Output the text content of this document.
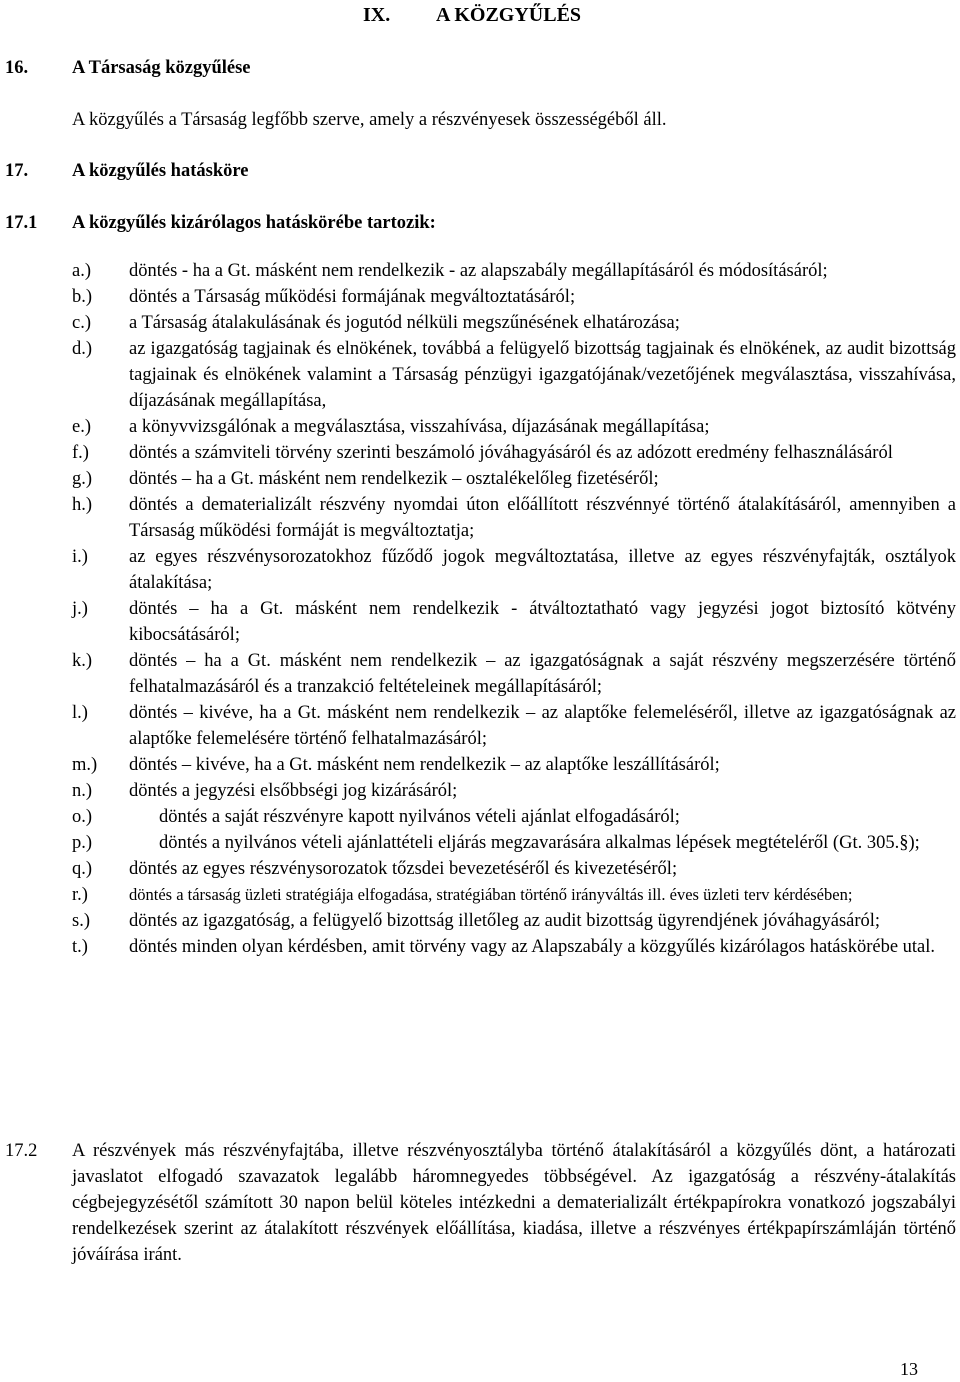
IX. A KÖZGYŰLÉS
16. A Társaság közgyűlése
A közgyűlés a Társaság legfőbb szerve, amely a részvényesek összességéből áll.
17. A közgyűlés hatásköre
17.1 A közgyűlés kizárólagos hatáskörébe tartozik:
a.) döntés - ha a Gt. másként nem rendelkezik - az alapszabály megállapításáról és módosításáról;
b.) döntés a Társaság működési formájának megváltoztatásáról;
c.) a Társaság átalakulásának és jogutód nélküli megszűnésének elhatározása;
d.) az igazgatóság tagjainak és elnökének, továbbá a felügyelő bizottság tagjainak és elnökének, az audit bizottság tagjainak és elnökének valamint a Társaság pénzügyi igazgatójának/vezetőjének megválasztása, visszahívása, díjazásának megállapítása,
e.) a könyvvizsgálónak a megválasztása, visszahívása, díjazásának megállapítása;
f.) döntés a számviteli törvény szerinti beszámoló jóváhagyásáról és az adózott eredmény felhasználásáról
g.) döntés – ha a Gt. másként nem rendelkezik – osztalékelőleg fizetéséről;
h.) döntés a dematerializált részvény nyomdai úton előállított részvénnyé történő átalakításáról, amennyiben a Társaság működési formáját is megváltoztatja;
i.) az egyes részvénysorozatokhoz fűződő jogok megváltoztatása, illetve az egyes részvényfajták, osztályok átalakítása;
j.) döntés – ha a Gt. másként nem rendelkezik - átváltoztatható vagy jegyzési jogot biztosító kötvény kibocsátásáról;
k.) döntés – ha a Gt. másként nem rendelkezik – az igazgatóságnak a saját részvény megszerzésére történő felhatalmazásáról és a tranzakció feltételeinek megállapításáról;
l.) döntés – kivéve, ha a Gt. másként nem rendelkezik – az alaptőke felemeléséről, illetve az igazgatóságnak az alaptőke felemelésére történő felhatalmazásáról;
m.) döntés – kivéve, ha a Gt. másként nem rendelkezik – az alaptőke leszállításáról;
n.) döntés a jegyzési elsőbbségi jog kizárásáról;
o.)	döntés a saját részvényre kapott nyilvános vételi ajánlat elfogadásáról;
p.)	döntés a nyilvános vételi ajánlattételi eljárás megzavarására alkalmas lépések megtételéről (Gt. 305.§);
q.) döntés az egyes részvénysorozatok tőzsdei bevezetéséről és kivezetéséről;
r.) döntés a társaság üzleti stratégiája elfogadása, stratégiában történő irányváltás ill. éves üzleti terv kérdésében;
s.) döntés az igazgatóság, a felügyelő bizottság illetőleg az audit bizottság ügyrendjének jóváhagyásáról;
t.) döntés minden olyan kérdésben, amit törvény vagy az Alapszabály a közgyűlés kizárólagos hatáskörébe utal.
17.2 A részvények más részvényfajtába, illetve részvényosztályba történő átalakításáról a közgyűlés dönt, a határozati javaslatot elfogadó szavazatok legalább háromnegyedes többségével. Az igazgatóság a részvény-átalakítás cégbejegyzésétől számított 30 napon belül köteles intézkedni a dematerializált értékpapírokra vonatkozó jogszabályi rendelkezések szerint az átalakított részvények előállítása, kiadása, illetve a részvényes értékpapírszámláján történő jóváírása iránt.
13
